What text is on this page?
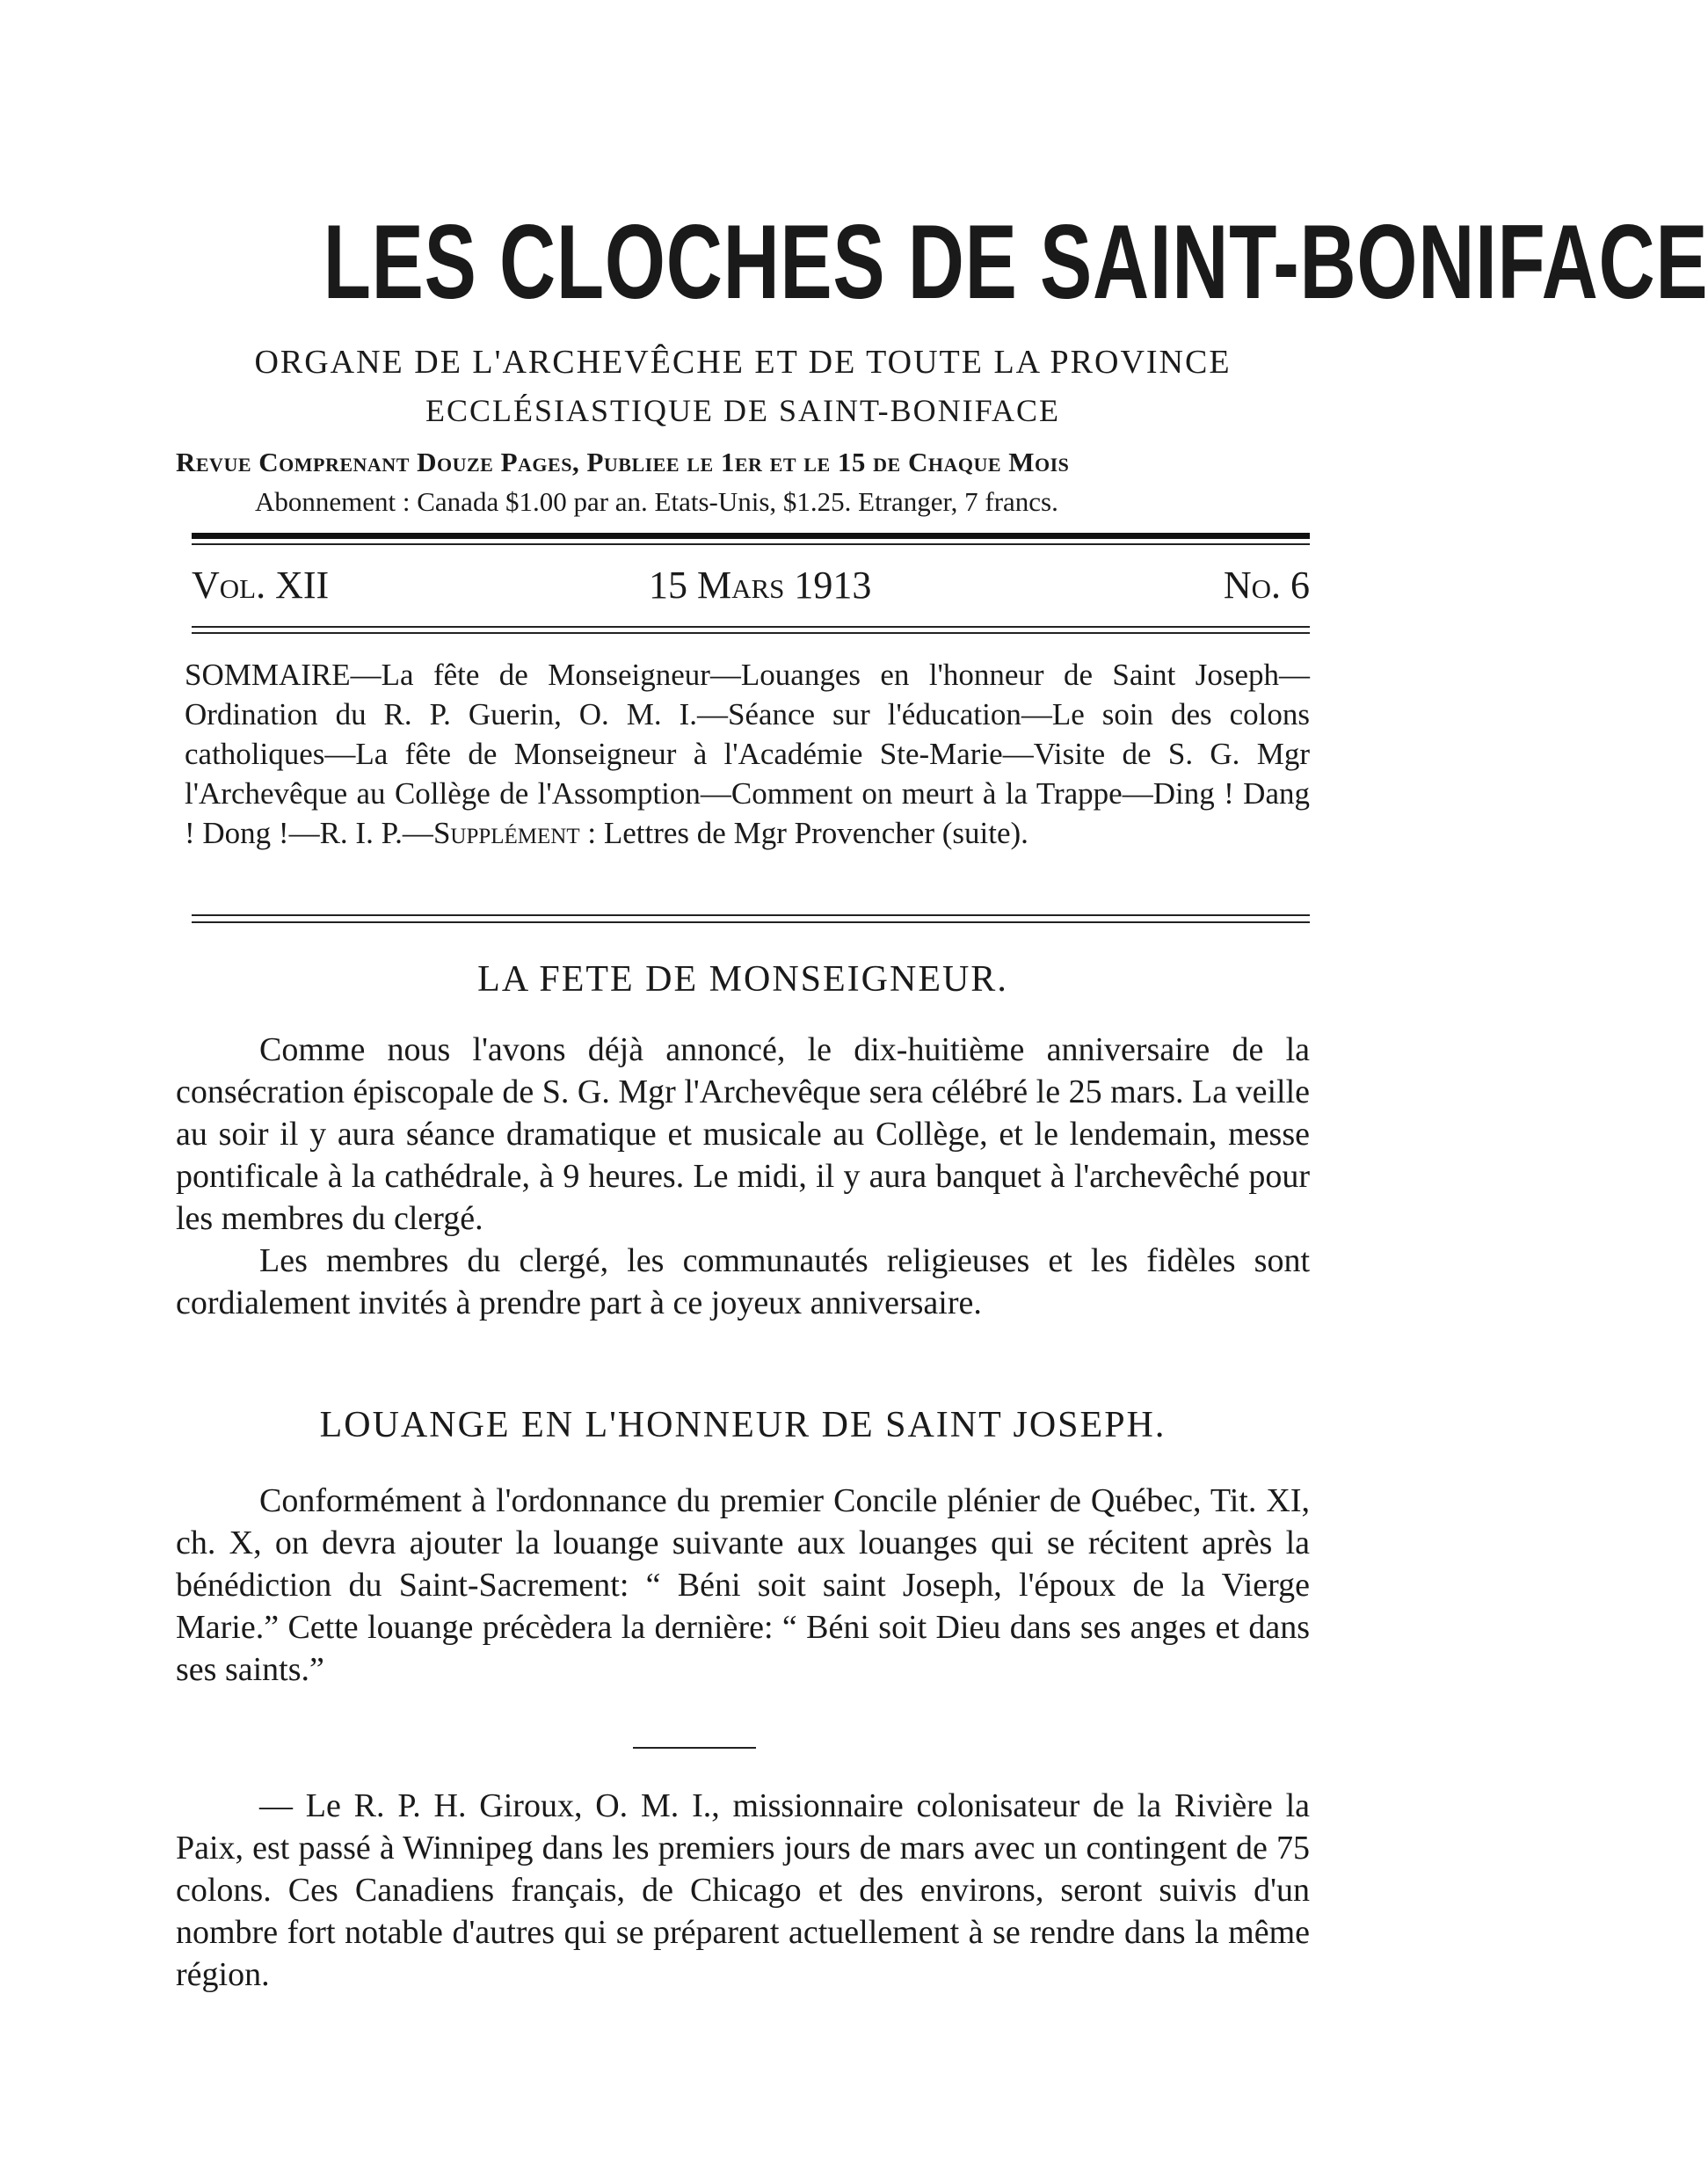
LES CLOCHES DE SAINT-BONIFACE
ORGANE DE L'ARCHEVÊCHE ET DE TOUTE LA PROVINCE
ECCLÉSIASTIQUE DE SAINT-BONIFACE
Revue Comprenant Douze Pages, Publiee le 1er et le 15 de Chaque Mois
Abonnement : Canada $1.00 par an. Etats-Unis, $1.25. Etranger, 7 francs.
Vol. XII	15 Mars 1913	No. 6
SOMMAIRE—La fête de Monseigneur—Louanges en l'honneur de Saint Joseph—Ordination du R. P. Guerin, O. M. I.—Séance sur l'éducation—Le soin des colons catholiques—La fête de Monseigneur à l'Académie Ste-Marie—Visite de S. G. Mgr l'Archevêque au Collège de l'Assomption—Comment on meurt à la Trappe—Ding ! Dang ! Dong !—R. I. P.—Supplément : Lettres de Mgr Provencher (suite).
LA FETE DE MONSEIGNEUR.

Comme nous l'avons déjà annoncé, le dix-huitième anniversaire de la consécration épiscopale de S. G. Mgr l'Archevêque sera célébré le 25 mars. La veille au soir il y aura séance dramatique et musicale au Collège, et le lendemain, messe pontificale à la cathédrale, à 9 heures. Le midi, il y aura banquet à l'archevêché pour les membres du clergé.

Les membres du clergé, les communautés religieuses et les fidèles sont cordialement invités à prendre part à ce joyeux anniversaire.

LOUANGE EN L'HONNEUR DE SAINT JOSEPH.

Conformément à l'ordonnance du premier Concile plénier de Québec, Tit. XI, ch. X, on devra ajouter la louange suivante aux louanges qui se récitent après la bénédiction du Saint-Sacrement: “ Béni soit saint Joseph, l'époux de la Vierge Marie.” Cette louange précèdera la dernière: “ Béni soit Dieu dans ses anges et dans ses saints.”

— Le R. P. H. Giroux, O. M. I., missionnaire colonisateur de la Rivière la Paix, est passé à Winnipeg dans les premiers jours de mars avec un contingent de 75 colons. Ces Canadiens français, de Chicago et des environs, seront suivis d'un nombre fort notable d'autres qui se préparent actuellement à se rendre dans la même région.
